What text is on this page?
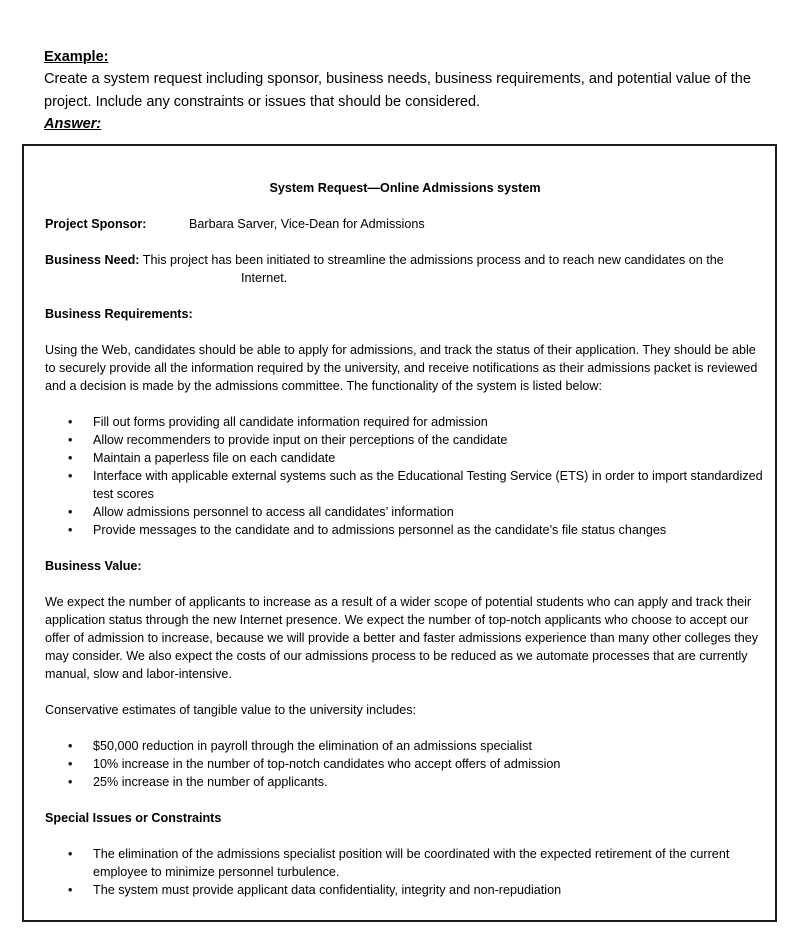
Example:

Create a system request including sponsor, business needs, business requirements, and potential value of the project. Include any constraints or issues that should be considered.

Answer:
System Request—Online Admissions system
Project Sponsor:	Barbara Sarver, Vice-Dean for Admissions

Business Need: This project has been initiated to streamline the admissions process and to reach new candidates on the Internet.

Business Requirements:

Using the Web, candidates should be able to apply for admissions, and track the status of their application. They should be able to securely provide all the information required by the university, and receive notifications as their admissions packet is reviewed and a decision is made by the admissions committee. The functionality of the system is listed below:

• Fill out forms providing all candidate information required for admission
• Allow recommenders to provide input on their perceptions of the candidate
• Maintain a paperless file on each candidate
• Interface with applicable external systems such as the Educational Testing Service (ETS) in order to import standardized test scores
• Allow admissions personnel to access all candidates’ information
• Provide messages to the candidate and to admissions personnel as the candidate’s file status changes
Business Value:

We expect the number of applicants to increase as a result of a wider scope of potential students who can apply and track their application status through the new Internet presence. We expect the number of top-notch applicants who choose to accept our offer of admission to increase, because we will provide a better and faster admissions experience than many other colleges they may consider. We also expect the costs of our admissions process to be reduced as we automate processes that are currently manual, slow and labor-intensive.

Conservative estimates of tangible value to the university includes:

• $50,000 reduction in payroll through the elimination of an admissions specialist
• 10% increase in the number of top-notch candidates who accept offers of admission
• 25% increase in the number of applicants.
Special Issues or Constraints
• The elimination of the admissions specialist position will be coordinated with the expected retirement of the current employee to minimize personnel turbulence.
• The system must provide applicant data confidentiality, integrity and non-repudiation
